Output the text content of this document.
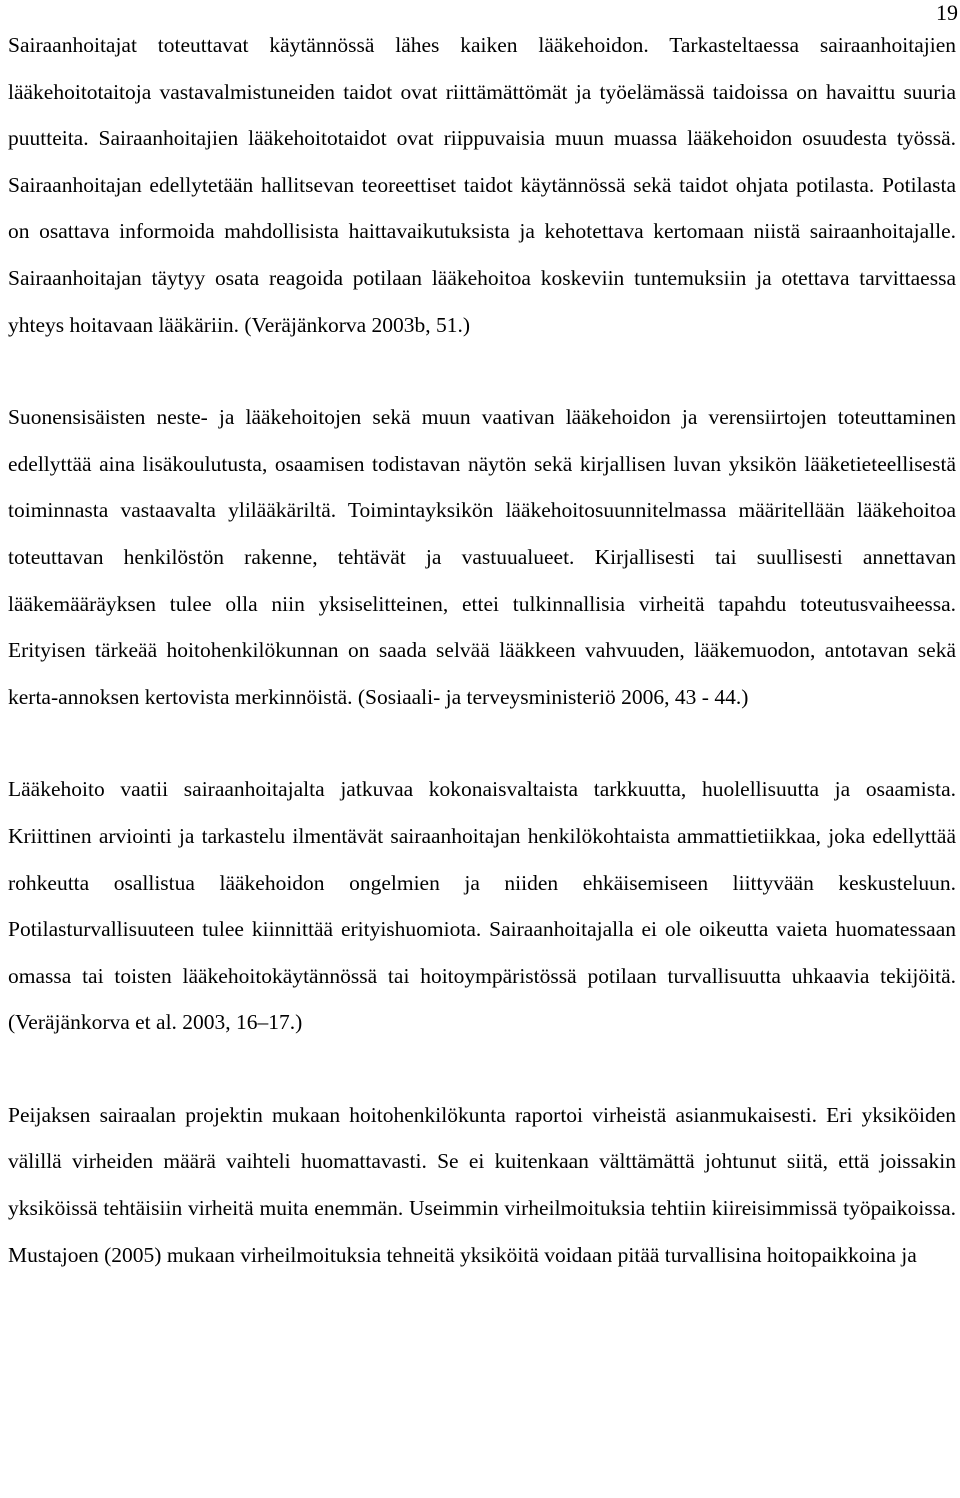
19

Sairaanhoitajat toteuttavat käytännössä lähes kaiken lääkehoidon. Tarkasteltaessa sairaanhoitajien lääkehoitotaitoja vastavalmistuneiden taidot ovat riittämättömät ja työelämässä taidoissa on havaittu suuria puutteita. Sairaanhoitajien lääkehoitotaidot ovat riippuvaisia muun muassa lääkehoidon osuudesta työssä. Sairaanhoitajan edellytetään hallitsevan teoreettiset taidot käytännössä sekä taidot ohjata potilasta. Potilasta on osattava informoida mahdollisista haittavaikutuksista ja kehotettava kertomaan niistä sairaanhoitajalle. Sairaanhoitajan täytyy osata reagoida potilaan lääkehoitoa koskeviin tuntemuksiin ja otettava tarvittaessa yhteys hoitavaan lääkäriin. (Veräjänkorva 2003b, 51.)

Suonensisäisten neste- ja lääkehoitojen sekä muun vaativan lääkehoidon ja verensiirtojen toteuttaminen edellyttää aina lisäkoulutusta, osaamisen todistavan näytön sekä kirjallisen luvan yksikön lääketieteellisestä toiminnasta vastaavalta ylilääkäriltä. Toimintayksikön lääkehoitosuunnitelmassa määritellään lääkehoitoa toteuttavan henkilöstön rakenne, tehtävät ja vastuualueet. Kirjallisesti tai suullisesti annettavan lääkemääräyksen tulee olla niin yksiselitteinen, ettei tulkinnallisia virheitä tapahdu toteutusvaiheessa. Erityisen tärkeää hoitohenkilökunnan on saada selvää lääkkeen vahvuuden, lääkemuodon, antotavan sekä kerta-annoksen kertovista merkinnöistä. (Sosiaali- ja terveysministeriö 2006, 43 - 44.)

Lääkehoito vaatii sairaanhoitajalta jatkuvaa kokonaisvaltaista tarkkuutta, huolellisuutta ja osaamista. Kriittinen arviointi ja tarkastelu ilmentävät sairaanhoitajan henkilökohtaista ammattietiikkaa, joka edellyttää rohkeutta osallistua lääkehoidon ongelmien ja niiden ehkäisemiseen liittyvään keskusteluun. Potilasturvallisuuteen tulee kiinnittää erityishuomiota. Sairaanhoitajalla ei ole oikeutta vaieta huomatessaan omassa tai toisten lääkehoitokäytännössä tai hoitoympäristössä potilaan turvallisuutta uhkaavia tekijöitä. (Veräjänkorva et al. 2003, 16–17.)

Peijaksen sairaalan projektin mukaan hoitohenkilökunta raportoi virheistä asianmukaisesti. Eri yksiköiden välillä virheiden määrä vaihteli huomattavasti. Se ei kuitenkaan välttämättä johtunut siitä, että joissakin yksiköissä tehtäisiin virheitä muita enemmän. Useimmin virheilmoituksia tehtiin kiireisimmissä työpaikoissa. Mustajoen (2005) mukaan virheilmoituksia tehneitä yksiköitä voidaan pitää turvallisina hoitopaikkoina ja
